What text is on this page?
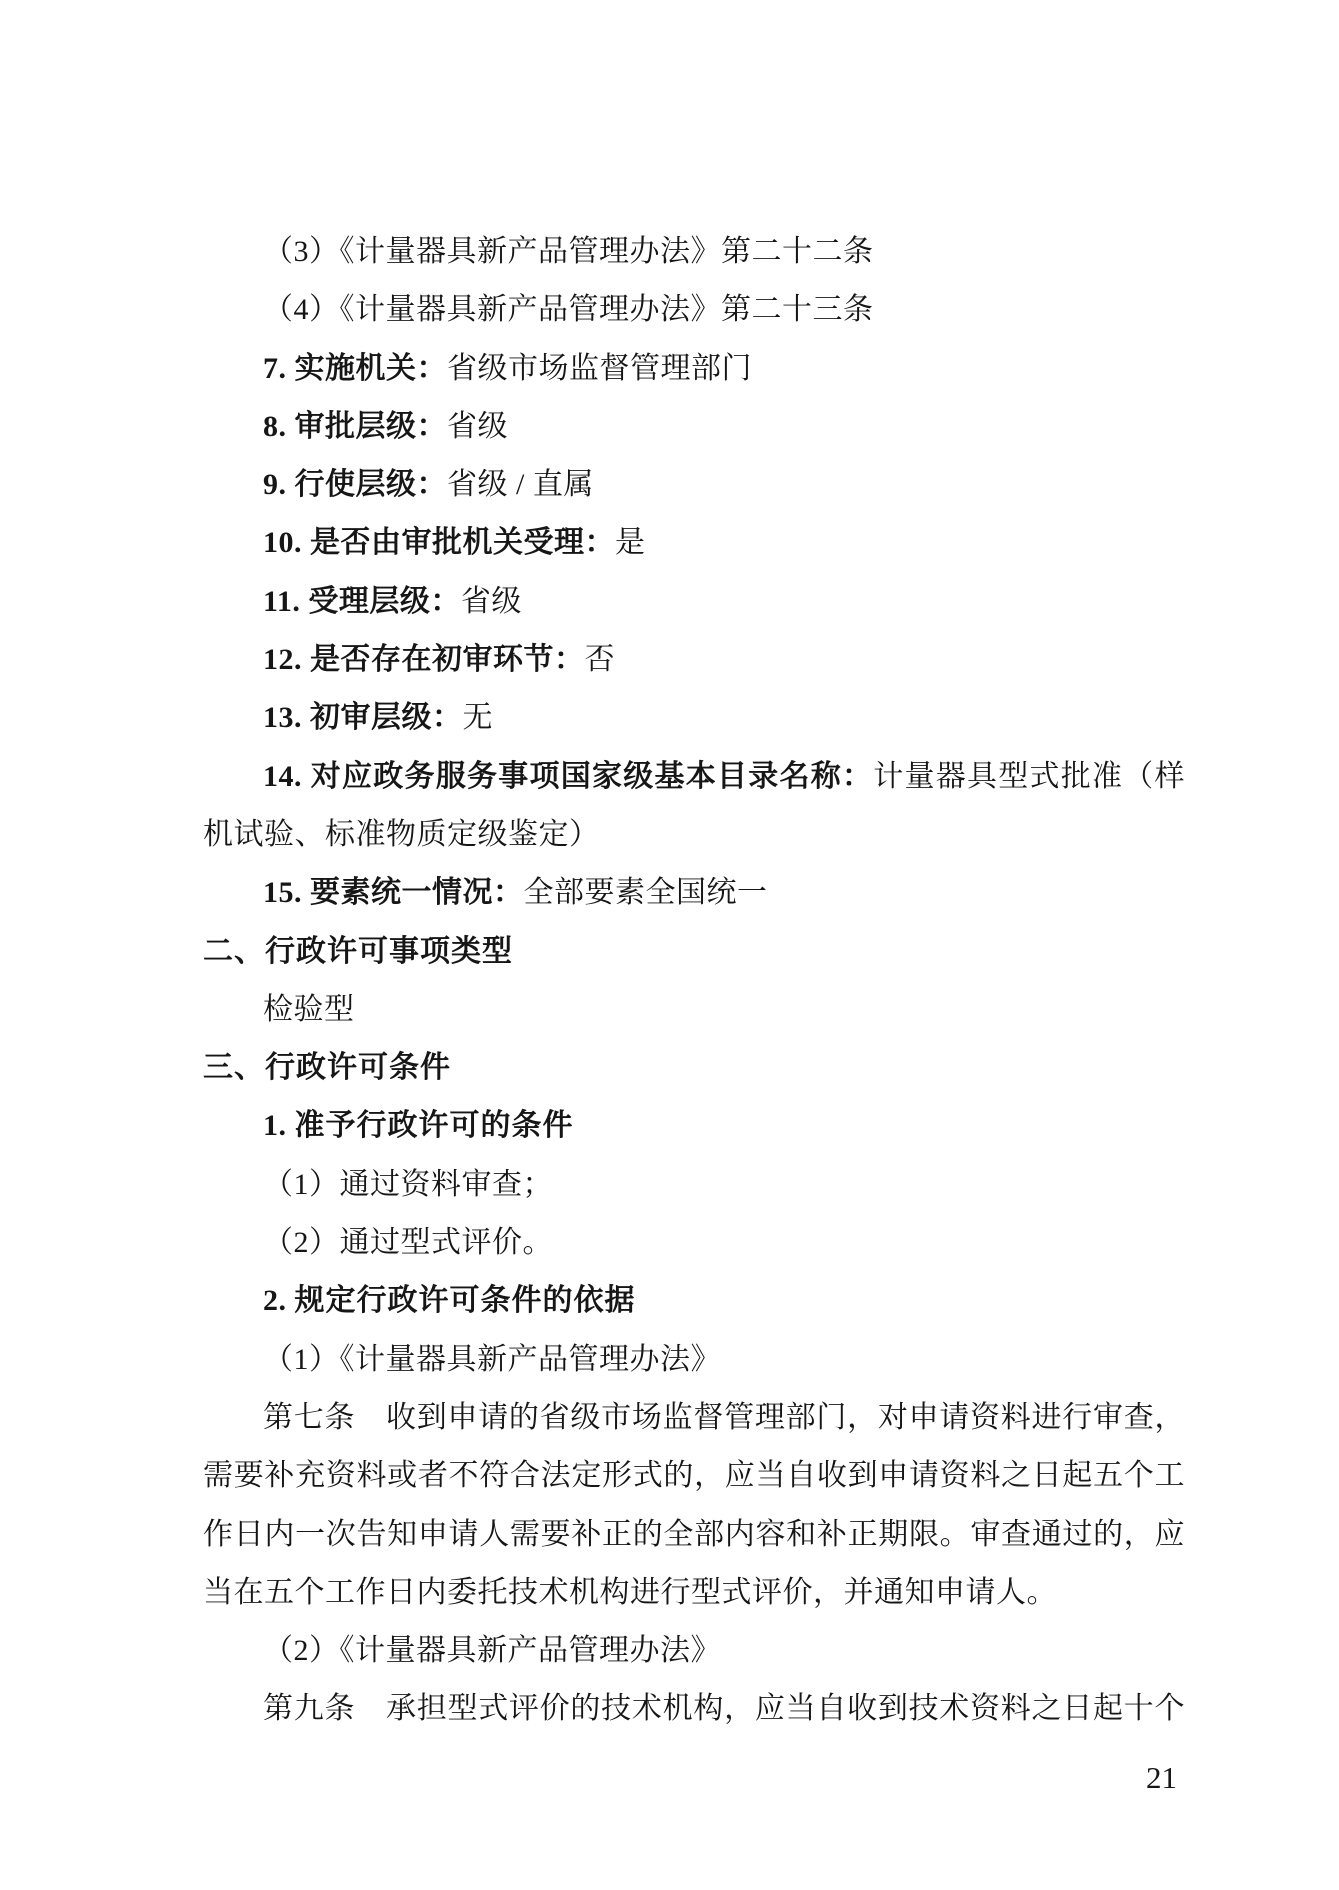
（3）《计量器具新产品管理办法》第二十二条

（4）《计量器具新产品管理办法》第二十三条

7. 实施机关：省级市场监督管理部门

8. 审批层级：省级

9. 行使层级：省级 / 直属

10. 是否由审批机关受理：是

11. 受理层级：省级

12. 是否存在初审环节：否

13. 初审层级：无

14. 对应政务服务事项国家级基本目录名称：计量器具型式批准（样

机试验、标准物质定级鉴定）

15. 要素统一情况：全部要素全国统一

二、行政许可事项类型

检验型

三、行政许可条件

1. 准予行政许可的条件

（1）通过资料审查；

（2）通过型式评价。

2. 规定行政许可条件的依据

（1）《计量器具新产品管理办法》

第七条　收到申请的省级市场监督管理部门，对申请资料进行审查，

需要补充资料或者不符合法定形式的，应当自收到申请资料之日起五个工

作日内一次告知申请人需要补正的全部内容和补正期限。审查通过的，应

当在五个工作日内委托技术机构进行型式评价，并通知申请人。

（2）《计量器具新产品管理办法》

第九条　承担型式评价的技术机构，应当自收到技术资料之日起十个

21
